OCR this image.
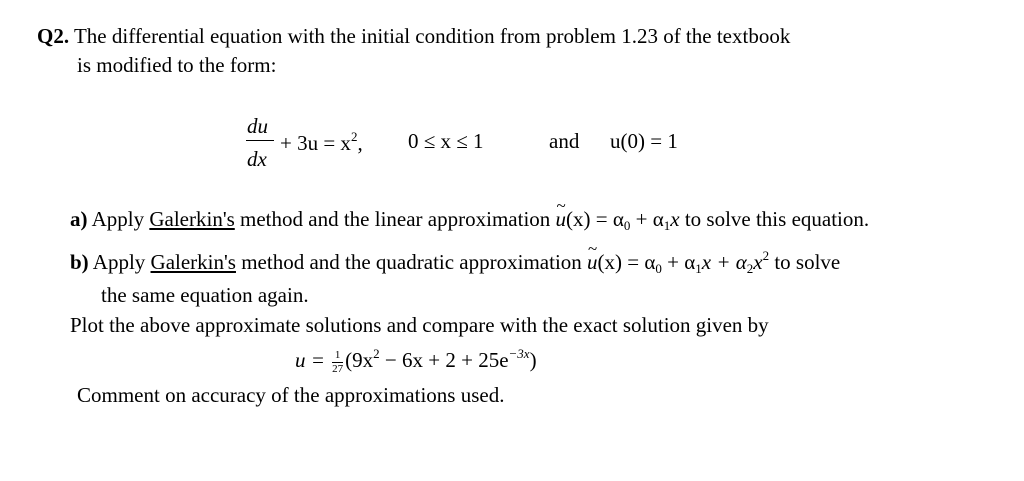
Q2. The differential equation with the initial condition from problem 1.23 of the textbook
is modified to the form:
du
dx
+ $3u = x^2$, 0 ≤ x ≤ 1	and u(0) = 1
a) Apply Galerkin's method and the linear approximation ~ $u(x) = \alpha_0 + \alpha_1x$ to solve this equation.
b) Apply Galerkin's method and the quadratic approximation ~ $u(x) = \alpha_0 + \alpha_1x + \alpha_2x^2$ to solve
the same equation again.
Plot the above approximate solutions and compare with the exact solution given by
$u = \frac{1}{27} (9x^2 - 6x + 2 + 25e^{-3x})$
Comment on accuracy of the approximations used.
